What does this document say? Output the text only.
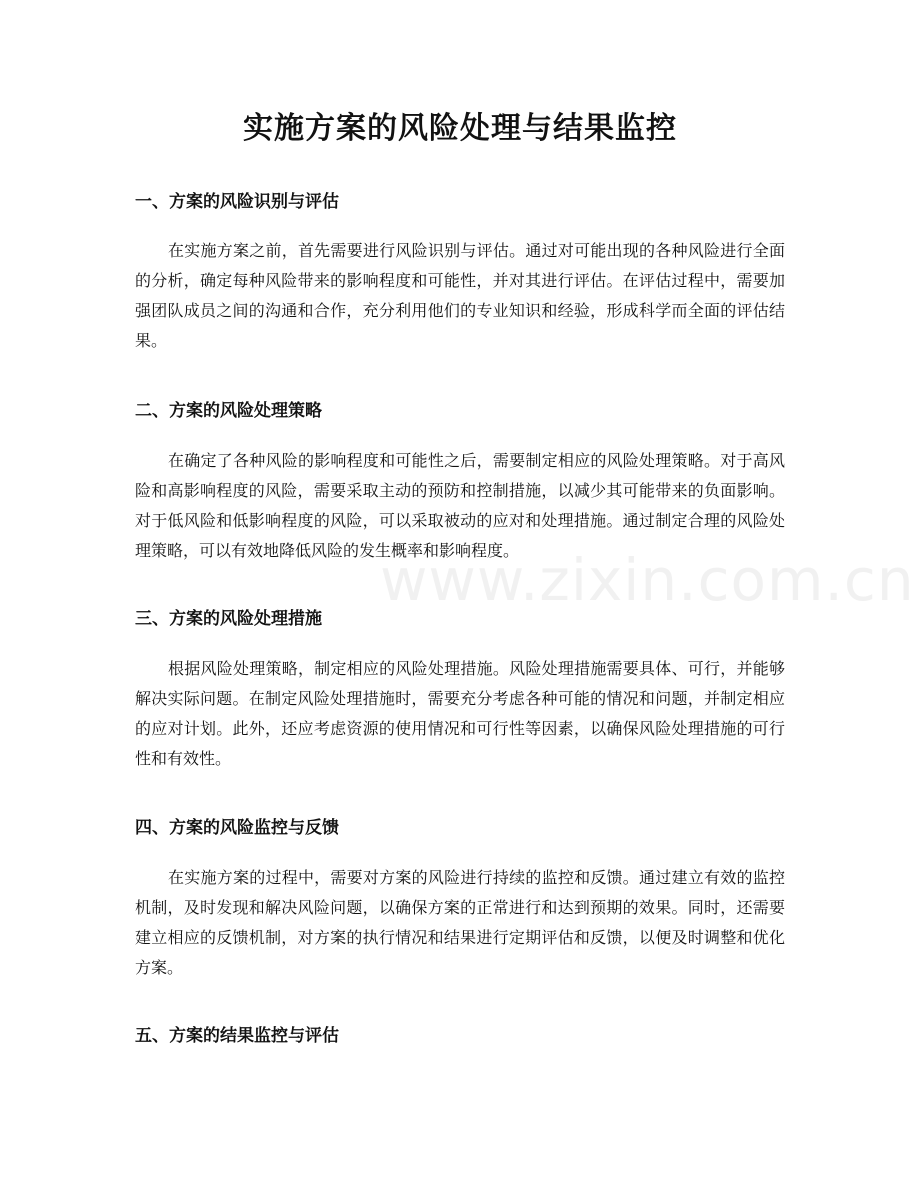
www.zixin.com.cn
实施方案的风险处理与结果监控
一、方案的风险识别与评估

在实施方案之前，首先需要进行风险识别与评估。通过对可能出现的各种风险进行全面的分析，确定每种风险带来的影响程度和可能性，并对其进行评估。在评估过程中，需要加强团队成员之间的沟通和合作，充分利用他们的专业知识和经验，形成科学而全面的评估结果。

二、方案的风险处理策略

在确定了各种风险的影响程度和可能性之后，需要制定相应的风险处理策略。对于高风险和高影响程度的风险，需要采取主动的预防和控制措施，以减少其可能带来的负面影响。对于低风险和低影响程度的风险，可以采取被动的应对和处理措施。通过制定合理的风险处理策略，可以有效地降低风险的发生概率和影响程度。

三、方案的风险处理措施

根据风险处理策略，制定相应的风险处理措施。风险处理措施需要具体、可行，并能够解决实际问题。在制定风险处理措施时，需要充分考虑各种可能的情况和问题，并制定相应的应对计划。此外，还应考虑资源的使用情况和可行性等因素，以确保风险处理措施的可行性和有效性。

四、方案的风险监控与反馈

在实施方案的过程中，需要对方案的风险进行持续的监控和反馈。通过建立有效的监控机制，及时发现和解决风险问题，以确保方案的正常进行和达到预期的效果。同时，还需要建立相应的反馈机制，对方案的执行情况和结果进行定期评估和反馈，以便及时调整和优化方案。

五、方案的结果监控与评估
